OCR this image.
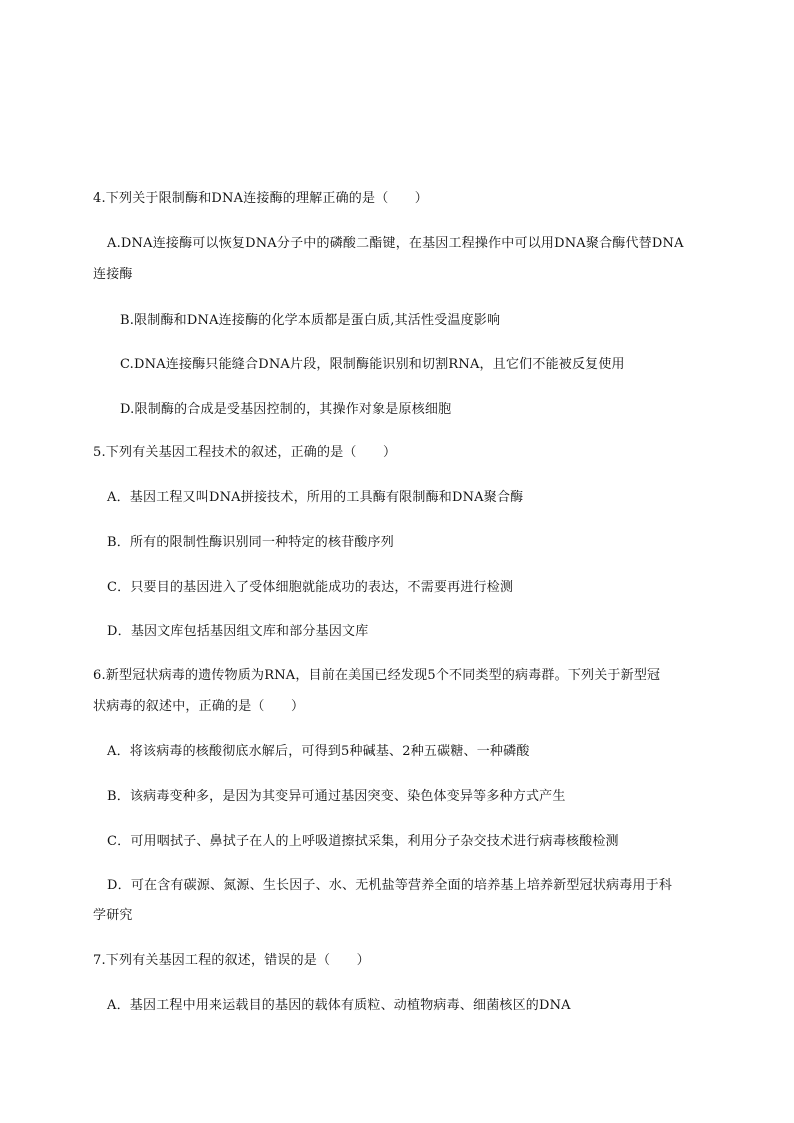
4.下列关于限制酶和DNA连接酶的理解正确的是（　　）
A.DNA连接酶可以恢复DNA分子中的磷酸二酯键，在基因工程操作中可以用DNA聚合酶代替DNA
连接酶
B.限制酶和DNA连接酶的化学本质都是蛋白质,其活性受温度影响
C.DNA连接酶只能缝合DNA片段，限制酶能识别和切割RNA，且它们不能被反复使用
D.限制酶的合成是受基因控制的，其操作对象是原核细胞
5.下列有关基因工程技术的叙述，正确的是（　　）
A．基因工程又叫DNA拼接技术，所用的工具酶有限制酶和DNA聚合酶
B．所有的限制性酶识别同一种特定的核苷酸序列
C．只要目的基因进入了受体细胞就能成功的表达，不需要再进行检测
D．基因文库包括基因组文库和部分基因文库
6.新型冠状病毒的遗传物质为RNA，目前在美国已经发现5个不同类型的病毒群。下列关于新型冠
状病毒的叙述中，正确的是（　　）
A．将该病毒的核酸彻底水解后，可得到5种碱基、2种五碳糖、一种磷酸
B．该病毒变种多，是因为其变异可通过基因突变、染色体变异等多种方式产生
C．可用咽拭子、鼻拭子在人的上呼吸道擦拭采集，利用分子杂交技术进行病毒核酸检测
D．可在含有碳源、氮源、生长因子、水、无机盐等营养全面的培养基上培养新型冠状病毒用于科
学研究
7.下列有关基因工程的叙述，错误的是（　　）
A．基因工程中用来运载目的基因的载体有质粒、动植物病毒、细菌核区的DNA
